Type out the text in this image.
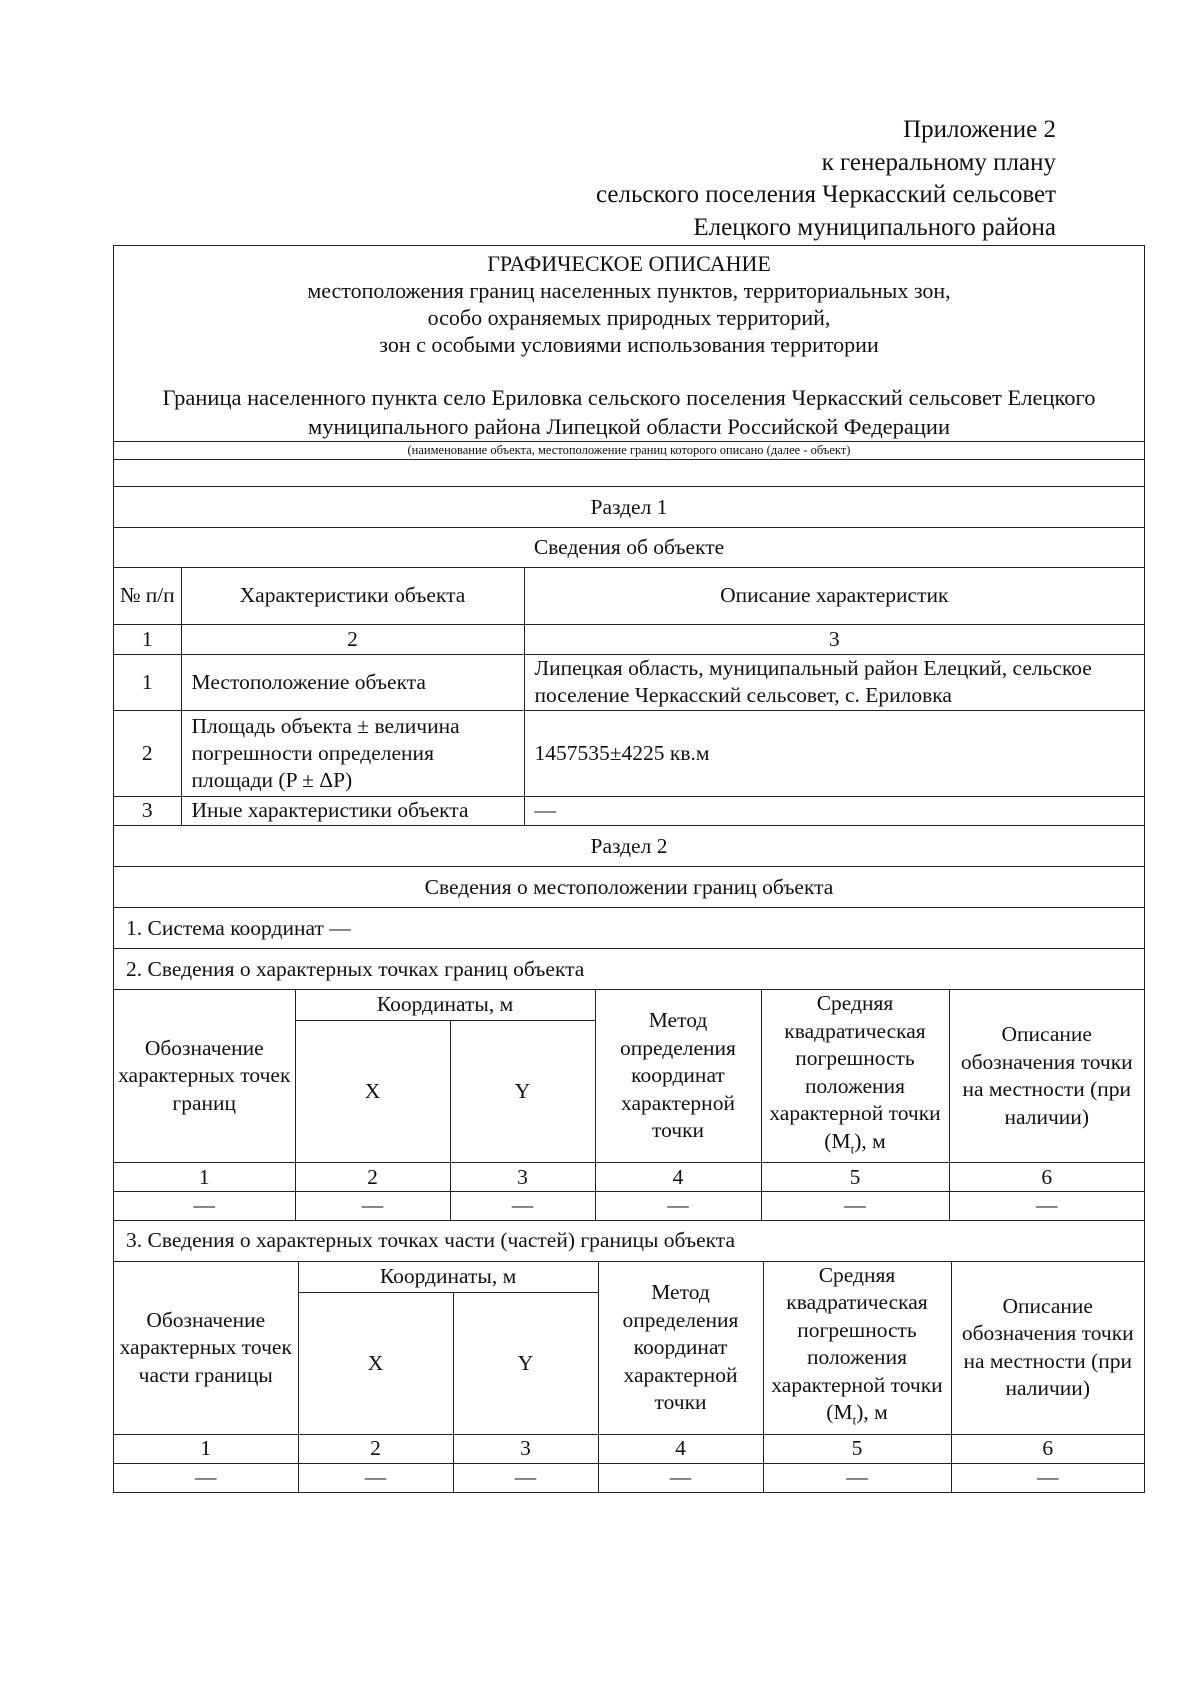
Приложение 2
к генеральному плану
сельского поселения Черкасский сельсовет
Елецкого муниципального района
ГРАФИЧЕСКОЕ ОПИСАНИЕ
местоположения границ населенных пунктов, территориальных зон,
особо охраняемых природных территорий,
зон с особыми условиями использования территории
Граница населенного пункта село Ериловка сельского поселения Черкасский сельсовет Елецкого
муниципального района Липецкой области Российской Федерации
(наименование объекта, местоположение границ которого описано (далее - объект)
Раздел 1
Сведения об объекте
№ п/п	Характеристики объекта	Описание характеристик
1	2	3
1	Местоположение объекта	Липецкая область, муниципальный район Елецкий, сельское поселение Черкасский сельсовет, с. Ериловка
2	Площадь объекта ± величина погрешности определения площади (P ± ΔP)	1457535±4225 кв.м
3	Иные характеристики объекта	—
Раздел 2
Сведения о местоположении границ объекта
1. Система координат —
2. Сведения о характерных точках границ объекта
Обозначение характерных точек границ	Координаты, м		Метод определения координат характерной точки	Средняя квадратическая погрешность положения характерной точки $(M_t)$, м	Описание обозначения точки на местности (при наличии)
	X	Y			
1	2	3	4	5	6
—	—	—	—	—	—
3. Сведения о характерных точках части (частей) границы объекта
Обозначение характерных точек части границы	Координаты, м		Метод определения координат характерной точки	Средняя квадратическая погрешность положения характерной точки $(M_t)$, м	Описание обозначения точки на местности (при наличии)
	X	Y			
1	2	3	4	5	6
—	—	—	—	—	—
